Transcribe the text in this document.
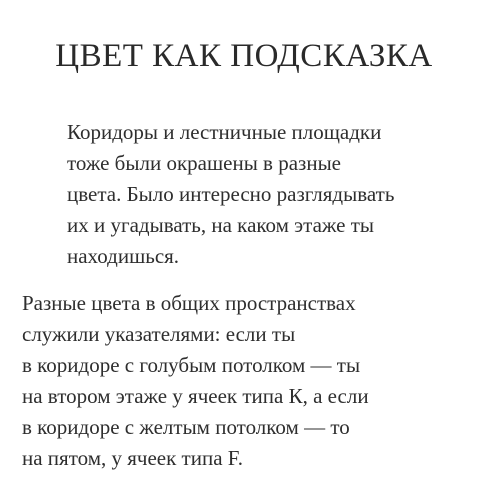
ЦВЕТ КАК ПОДСКАЗКА

Коридоры и лестничные площадки
тоже были окрашены в разные
цвета. Было интересно разглядывать
их и угадывать, на каком этаже ты
находишься.

Разные цвета в общих пространствах
служили указателями: если ты
в коридоре с голубым потолком — ты
на втором этаже у ячеек типа К, а если
в коридоре с желтым потолком — то
на пятом, у ячеек типа F.
